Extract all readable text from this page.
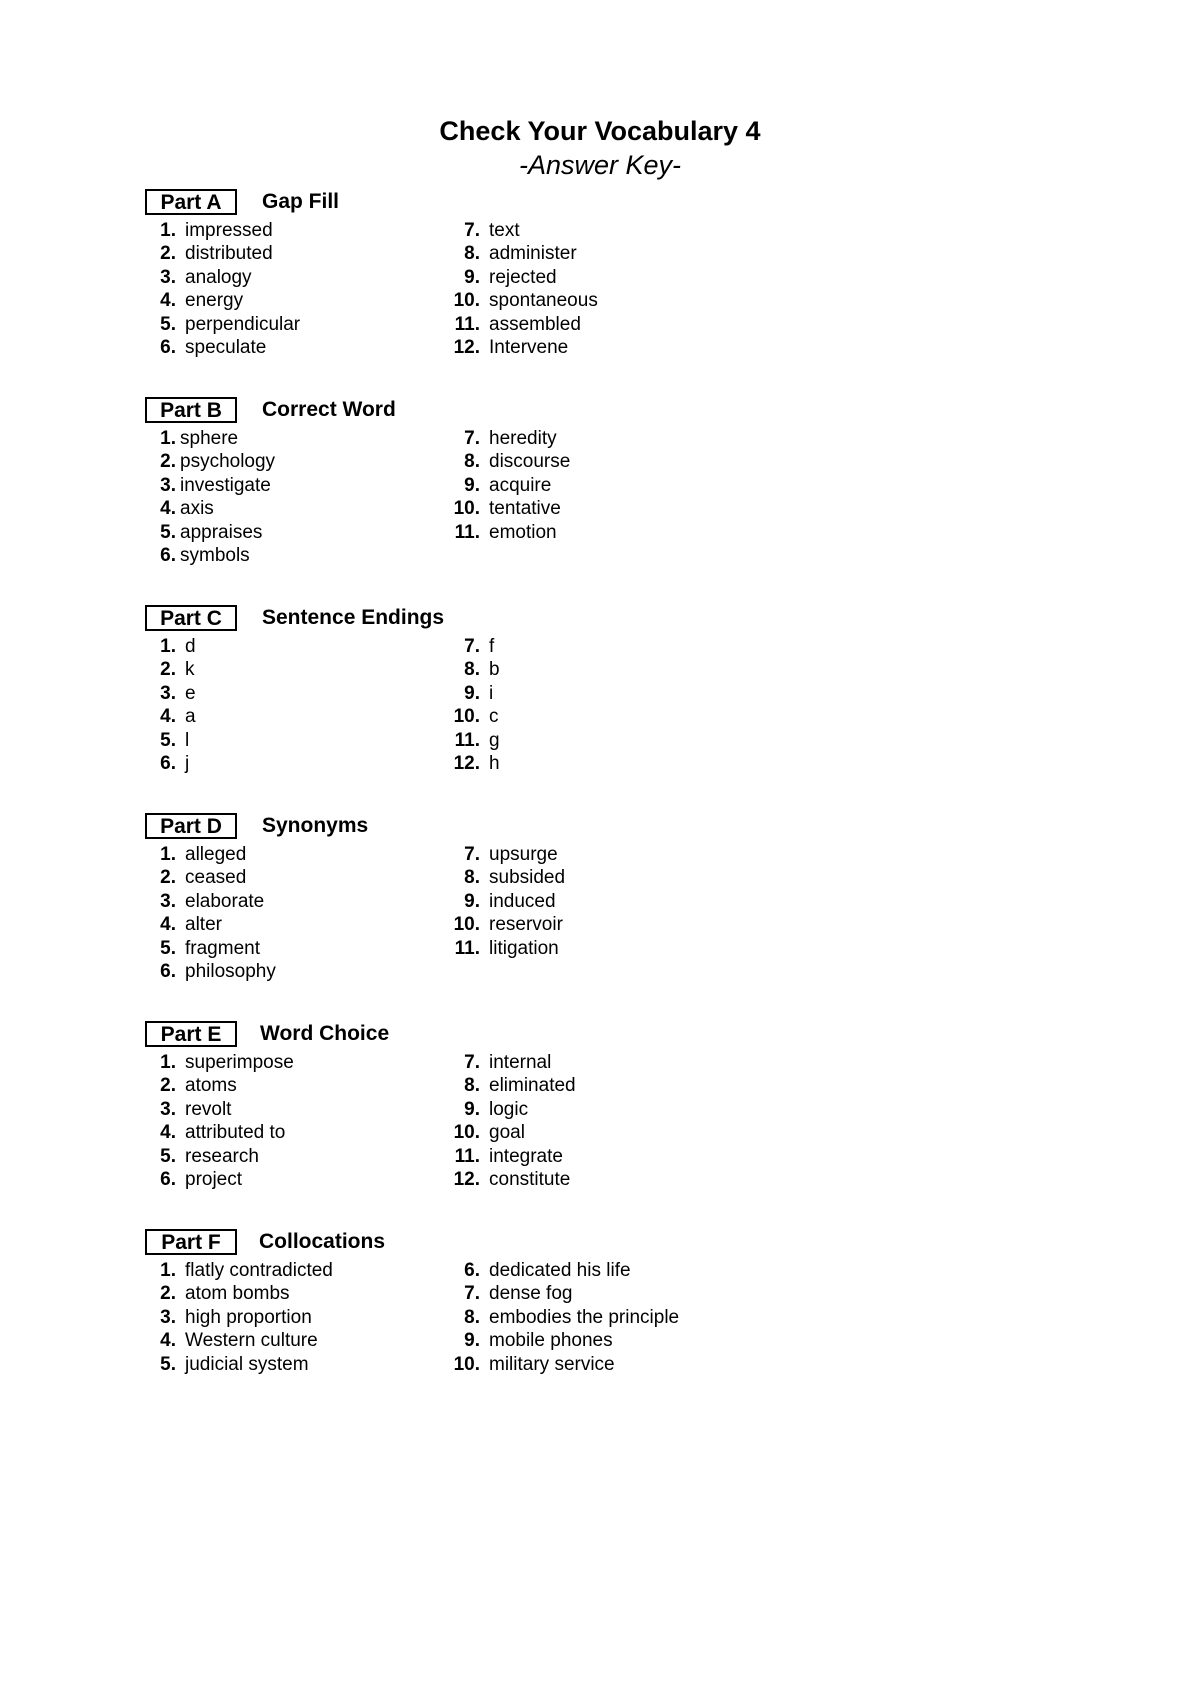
Check Your Vocabulary 4
-Answer Key-
Part A	Gap Fill
1. impressed
2. distributed
3. analogy
4. energy
5. perpendicular
6. speculate
7. text
8. administer
9. rejected
10. spontaneous
11. assembled
12. Intervene
Part B	Correct Word
1. sphere
2. psychology
3. investigate
4. axis
5. appraises
6. symbols
7. heredity
8. discourse
9. acquire
10. tentative
11. emotion
Part C	Sentence Endings
1. d
2. k
3. e
4. a
5. l
6. j
7. f
8. b
9. i
10. c
11. g
12. h
Part D	Synonyms
1. alleged
2. ceased
3. elaborate
4. alter
5. fragment
6. philosophy
7. upsurge
8. subsided
9. induced
10. reservoir
11. litigation
Part E	Word Choice
1. superimpose
2. atoms
3. revolt
4. attributed to
5. research
6. project
7. internal
8. eliminated
9. logic
10. goal
11. integrate
12. constitute
Part F	Collocations
1. flatly contradicted
2. atom bombs
3. high proportion
4. Western culture
5. judicial system
6. dedicated his life
7. dense fog
8. embodies the principle
9. mobile phones
10. military service
